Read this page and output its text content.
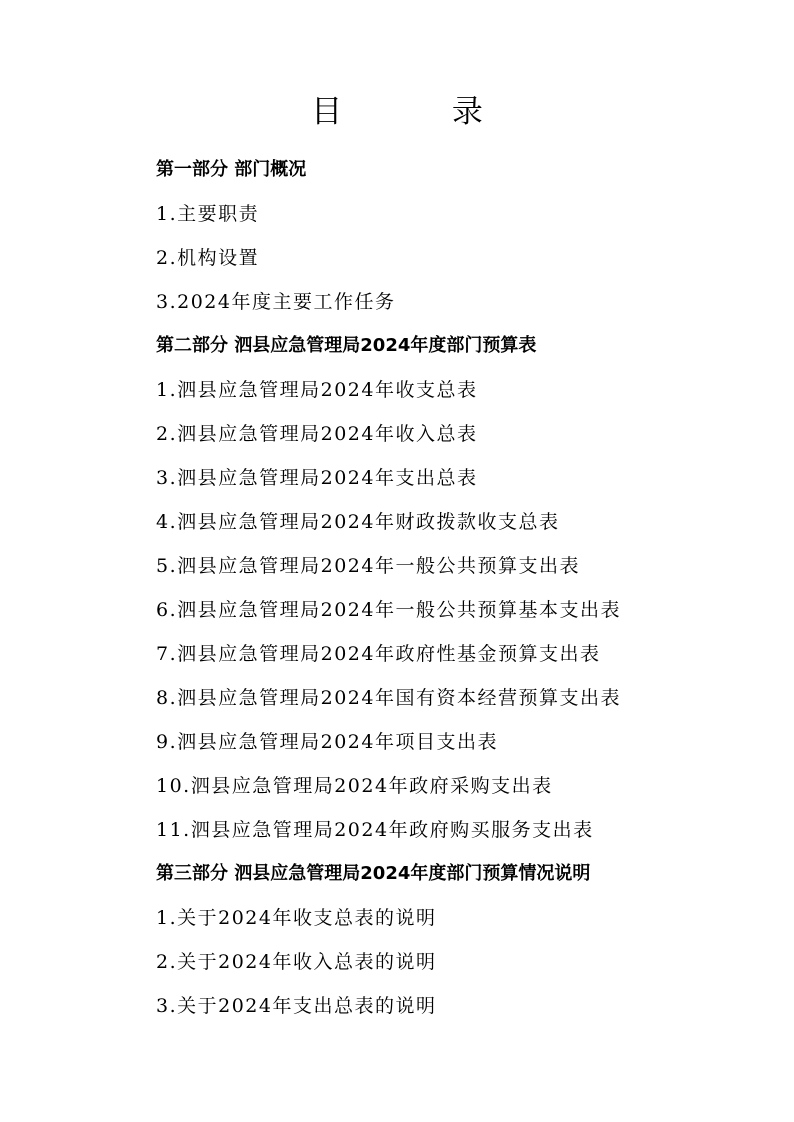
目 录
第一部分 部门概况
1.主要职责
2.机构设置
3.2024年度主要工作任务
第二部分 泗县应急管理局2024年度部门预算表
1.泗县应急管理局2024年收支总表
2.泗县应急管理局2024年收入总表
3.泗县应急管理局2024年支出总表
4.泗县应急管理局2024年财政拨款收支总表
5.泗县应急管理局2024年一般公共预算支出表
6.泗县应急管理局2024年一般公共预算基本支出表
7.泗县应急管理局2024年政府性基金预算支出表
8.泗县应急管理局2024年国有资本经营预算支出表
9.泗县应急管理局2024年项目支出表
10.泗县应急管理局2024年政府采购支出表
11.泗县应急管理局2024年政府购买服务支出表
第三部分 泗县应急管理局2024年度部门预算情况说明
1.关于2024年收支总表的说明
2.关于2024年收入总表的说明
3.关于2024年支出总表的说明
